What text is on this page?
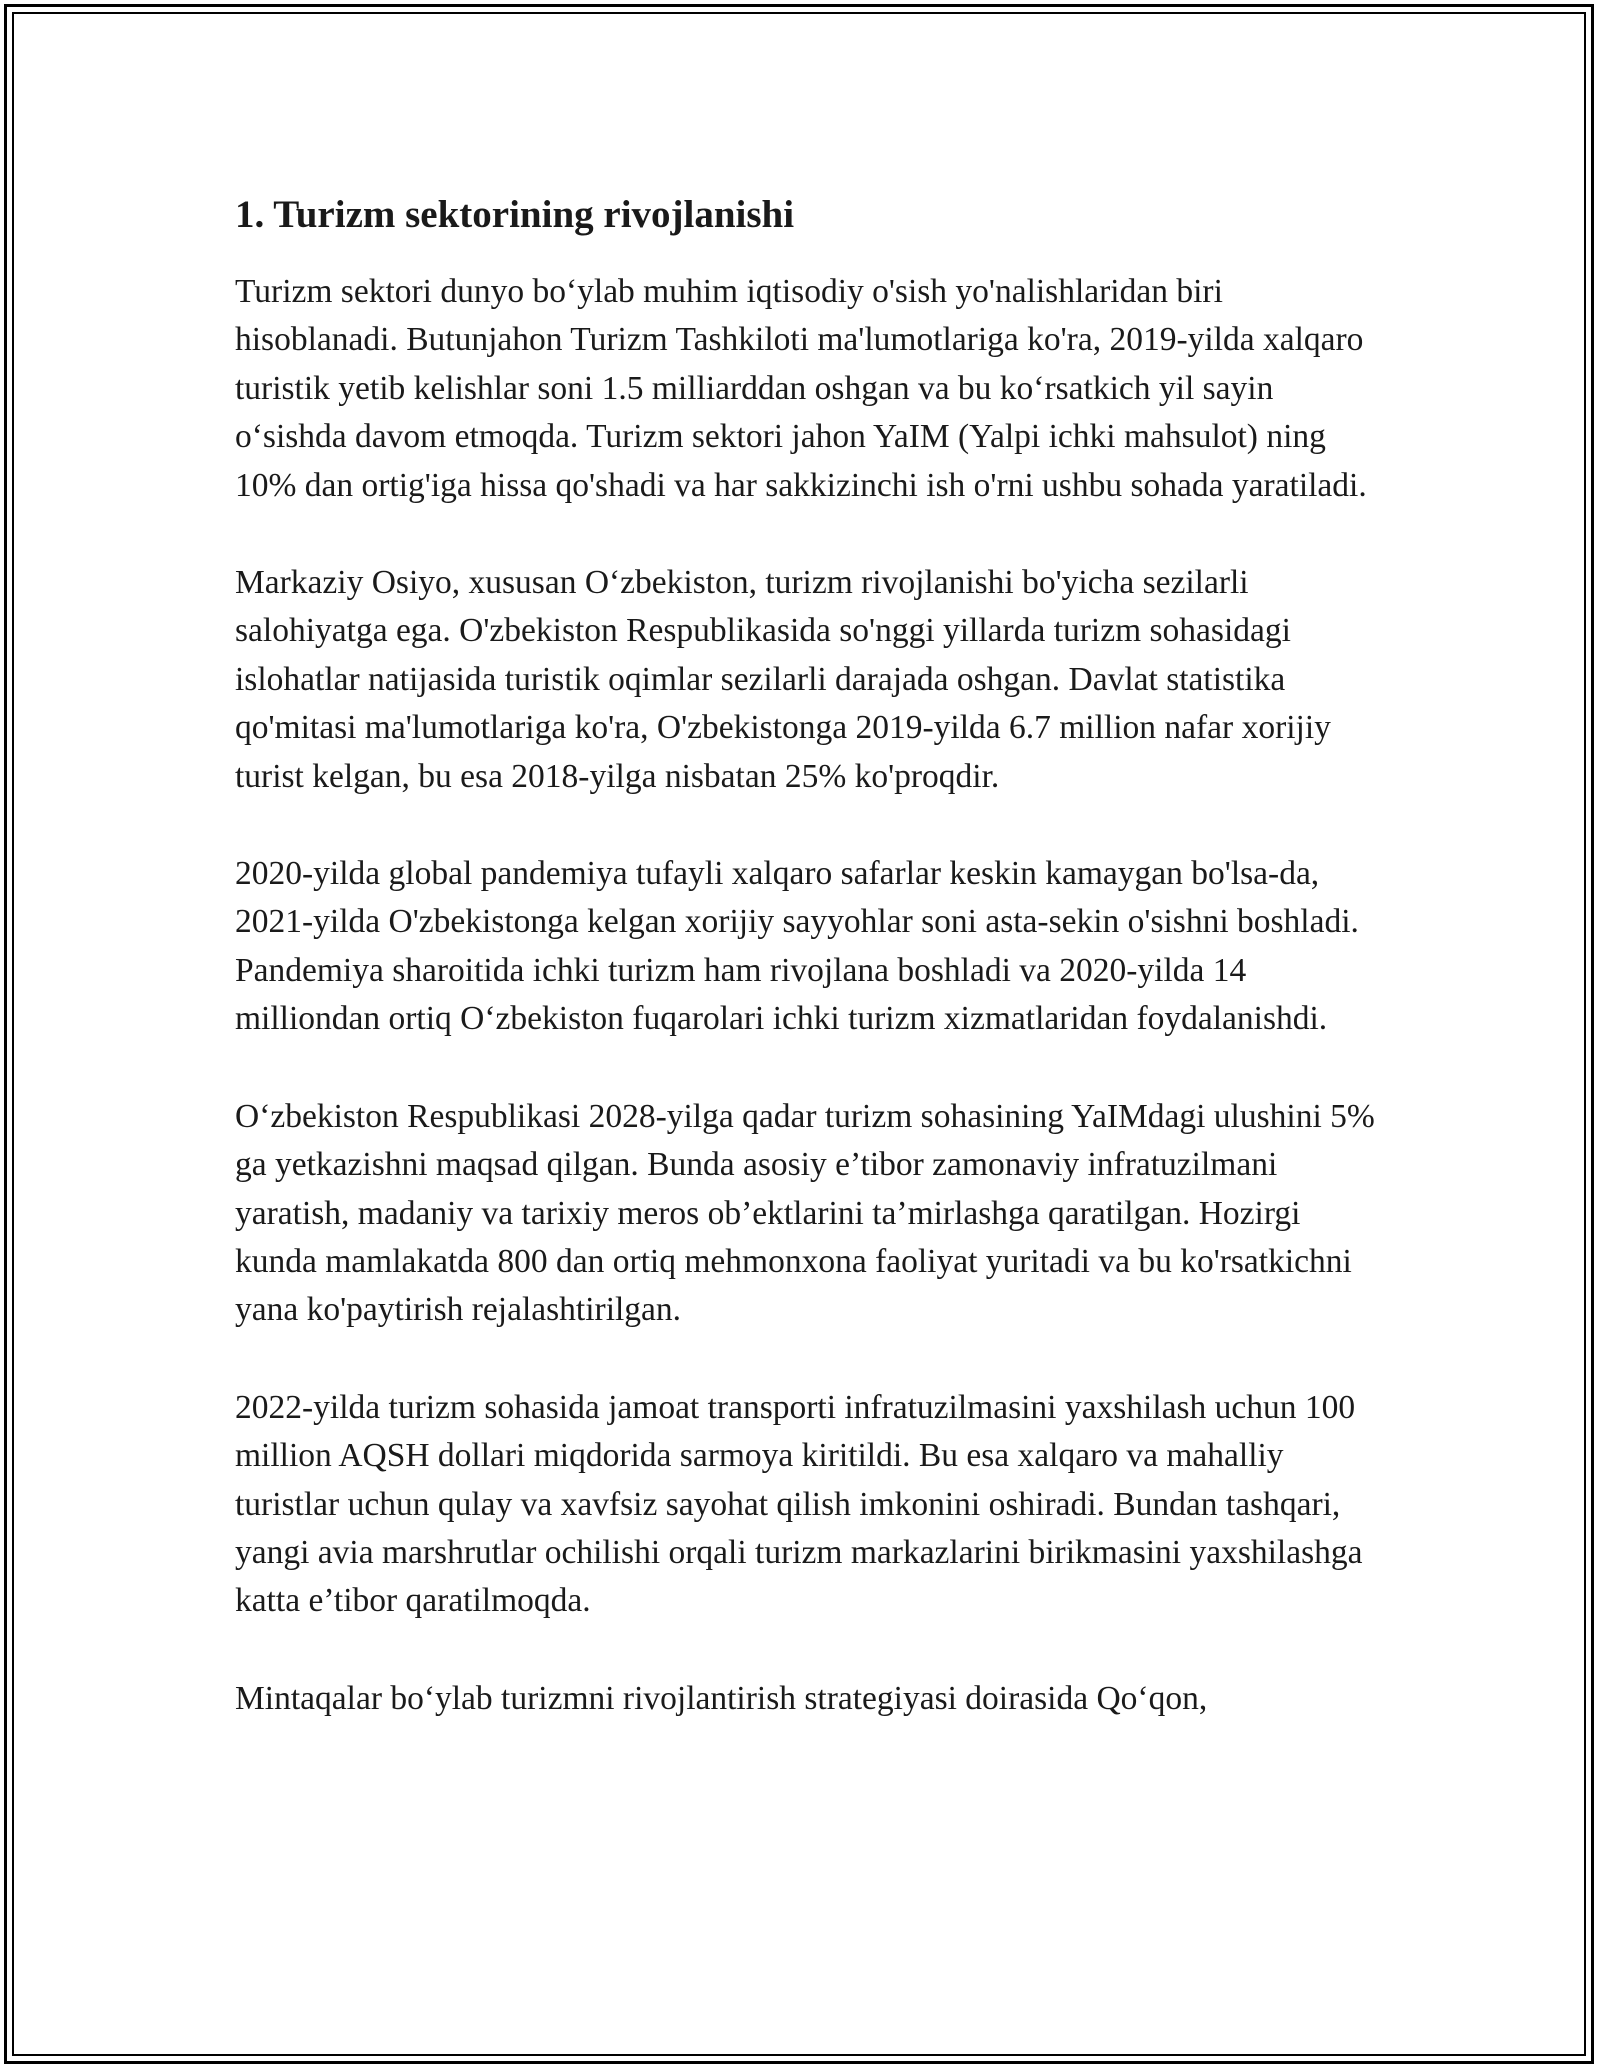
1. Turizm sektorining rivojlanishi

Turizm sektori dunyo bo‘ylab muhim iqtisodiy o'sish yo'nalishlaridan biri hisoblanadi. Butunjahon Turizm Tashkiloti ma'lumotlariga ko'ra, 2019-yilda xalqaro turistik yetib kelishlar soni 1.5 milliarddan oshgan va bu ko‘rsatkich yil sayin o‘sishda davom etmoqda. Turizm sektori jahon YaIM (Yalpi ichki mahsulot) ning 10% dan ortig'iga hissa qo'shadi va har sakkizinchi ish o'rni ushbu sohada yaratiladi.

Markaziy Osiyo, xususan O‘zbekiston, turizm rivojlanishi bo'yicha sezilarli salohiyatga ega. O'zbekiston Respublikasida so'nggi yillarda turizm sohasidagi islohatlar natijasida turistik oqimlar sezilarli darajada oshgan. Davlat statistika qo'mitasi ma'lumotlariga ko'ra, O'zbekistonga 2019-yilda 6.7 million nafar xorijiy turist kelgan, bu esa 2018-yilga nisbatan 25% ko'proqdir.

2020-yilda global pandemiya tufayli xalqaro safarlar keskin kamaygan bo'lsa-da, 2021-yilda O'zbekistonga kelgan xorijiy sayyohlar soni asta-sekin o'sishni boshladi. Pandemiya sharoitida ichki turizm ham rivojlana boshladi va 2020-yilda 14 milliondan ortiq O‘zbekiston fuqarolari ichki turizm xizmatlaridan foydalanishdi.

O‘zbekiston Respublikasi 2028-yilga qadar turizm sohasining YaIMdagi ulushini 5% ga yetkazishni maqsad qilgan. Bunda asosiy e’tibor zamonaviy infratuzilmani yaratish, madaniy va tarixiy meros ob’ektlarini ta’mirlashga qaratilgan. Hozirgi kunda mamlakatda 800 dan ortiq mehmonxona faoliyat yuritadi va bu ko'rsatkichni yana ko'paytirish rejalashtirilgan.

2022-yilda turizm sohasida jamoat transporti infratuzilmasini yaxshilash uchun 100 million AQSH dollari miqdorida sarmoya kiritildi. Bu esa xalqaro va mahalliy turistlar uchun qulay va xavfsiz sayohat qilish imkonini oshiradi. Bundan tashqari, yangi avia marshrutlar ochilishi orqali turizm markazlarini birikmasini yaxshilashga katta e’tibor qaratilmoqda.

Mintaqalar bo‘ylab turizmni rivojlantirish strategiyasi doirasida Qo‘qon,
